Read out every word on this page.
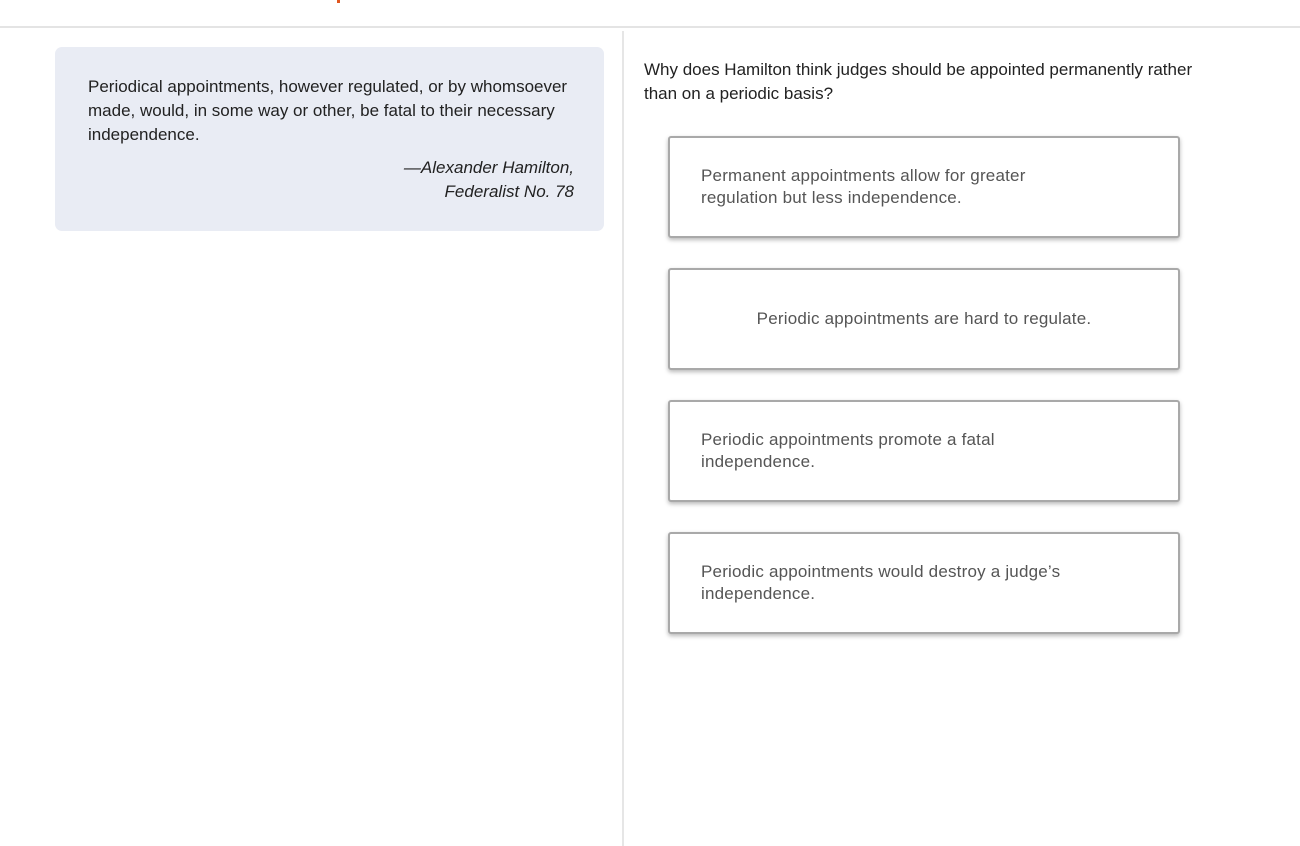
Periodical appointments, however regulated, or by whomsoever made, would, in some way or other, be fatal to their necessary independence.

—Alexander Hamilton,
Federalist No. 78

Why does Hamilton think judges should be appointed permanently rather than on a periodic basis?

Permanent appointments allow for greater regulation but less independence.
Periodic appointments are hard to regulate.
Periodic appointments promote a fatal independence.
Periodic appointments would destroy a judge’s independence.
